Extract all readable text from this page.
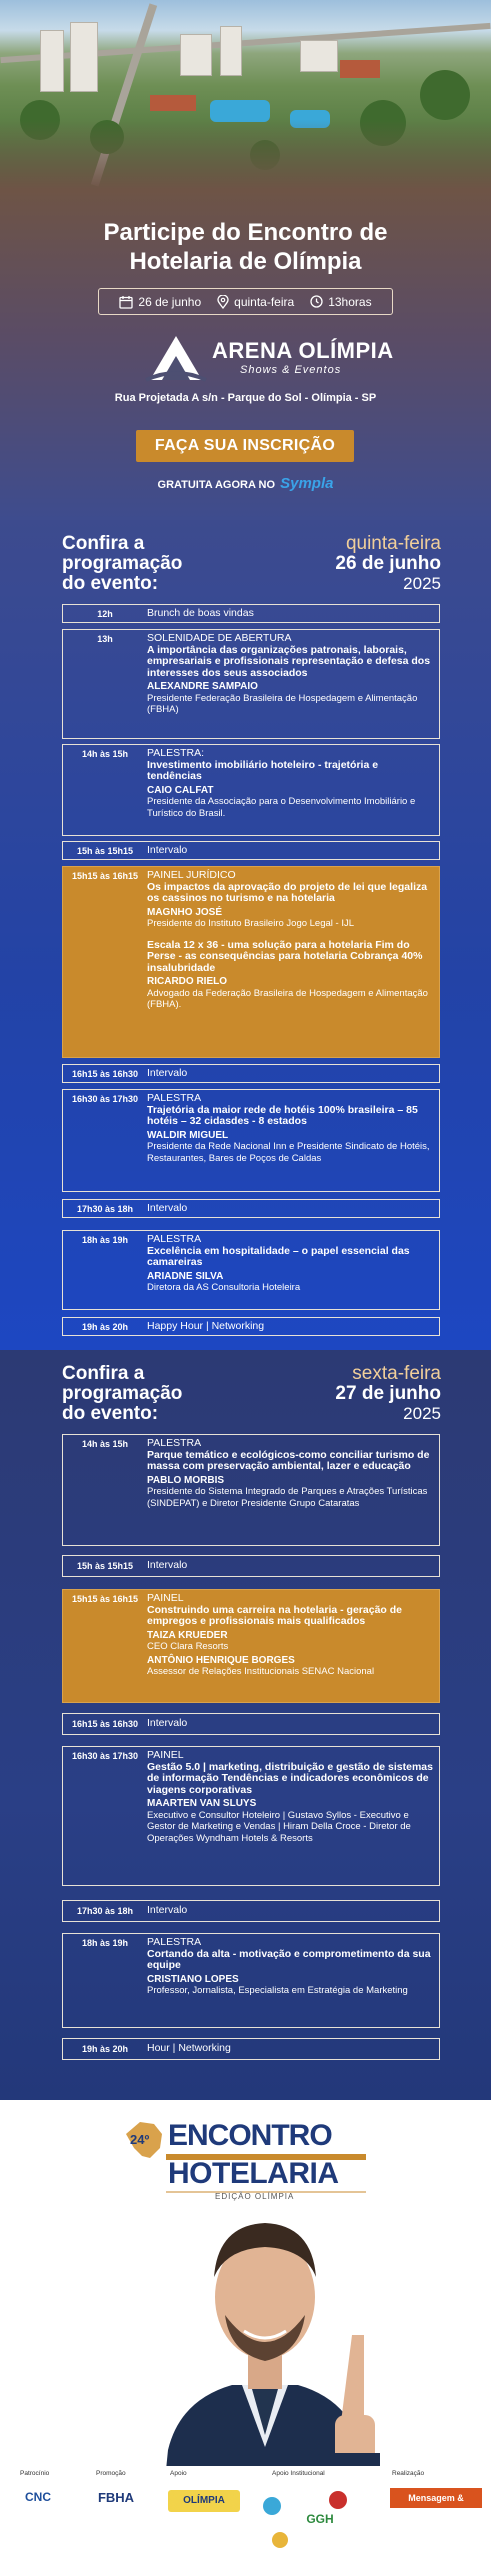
Participe do Encontro de
Hotelaria de Olímpia
26 de junho	quinta-feira	13horas
ARENA OLÍMPIA
Shows & Eventos
Rua Projetada A s/n - Parque do Sol - Olímpia - SP
FAÇA SUA INSCRIÇÃO
GRATUITA AGORA NO Sympla
Confira a
programação
do evento:
quinta-feira
26 de junho
2025
12h	Brunch de boas vindas
13h	SOLENIDADE DE ABERTURA
A importância das organizações patronais, laborais, empresariais e profissionais representação e defesa dos interesses dos seus associados
ALEXANDRE SAMPAIO
Presidente Federação Brasileira de Hospedagem e Alimentação (FBHA)
14h às 15h	PALESTRA:
Investimento imobiliário hoteleiro - trajetória e tendências
CAIO CALFAT
Presidente da Associação para o Desenvolvimento Imobiliário e Turístico do Brasil.
15h às 15h15	Intervalo
15h15 às 16h15 PAINEL JURÍDICO
Os impactos da aprovação do projeto de lei que legaliza os cassinos no turismo e na hotelaria
MAGNHO JOSÉ
Presidente do Instituto Brasileiro Jogo Legal - IJL
Escala 12 x 36 - uma solução para a hotelaria Fim do Perse - as consequências para hotelaria Cobrança 40% insalubridade
RICARDO RIELO
Advogado da Federação Brasileira de Hospedagem e Alimentação (FBHA).
16h15 às 16h30 Intervalo
16h30 às 17h30 PALESTRA
Trajetória da maior rede de hotéis 100% brasileira – 85 hotéis – 32 cidasdes - 8 estados
WALDIR MIGUEL
Presidente da Rede Nacional Inn e Presidente Sindicato de Hotéis, Restaurantes, Bares de Poços de Caldas
17h30 às 18h	Intervalo
18h às 19h	PALESTRA
Excelência em hospitalidade – o papel essencial das camareiras
ARIADNE SILVA
Diretora da AS Consultoria Hoteleira
19h às 20h	Happy Hour | Networking
Confira a
programação
do evento:
sexta-feira
27 de junho
2025
14h às 15h	PALESTRA
Parque temático e ecológicos-como conciliar turismo de massa com preservação ambiental, lazer e educação
PABLO MORBIS
Presidente do Sistema Integrado de Parques e Atrações Turísticas (SINDEPAT) e Diretor Presidente Grupo Cataratas
15h às 15h15	Intervalo
15h15 às 16h15 PAINEL
Construindo uma carreira na hotelaria - geração de empregos e profissionais mais qualificados
TAIZA KRUEDER
CEO Clara Resorts
ANTÔNIO HENRIQUE BORGES
Assessor de Relações Institucionais SENAC Nacional
16h15 às 16h30 Intervalo
16h30 às 17h30 PAINEL
Gestão 5.0 | marketing, distribuição e gestão de sistemas de informação Tendências e indicadores econômicos de viagens corporativas
MAARTEN VAN SLUYS
Executivo e Consultor Hoteleiro | Gustavo Syllos - Executivo e Gestor de Marketing e Vendas | Hiram Della Croce - Diretor de Operações Wyndham Hotels & Resorts
17h30 às 18h	Intervalo
18h às 19h	PALESTRA
Cortando da alta - motivação e comprometimento da sua equipe
CRISTIANO LOPES
Professor, Jornalista, Especialista em Estratégia de Marketing
19h às 20h	Hour | Networking
24º ENCONTRO
HOTELARIA
EDIÇÃO OLÍMPIA
Patrocínio	Promoção	Apoio	Apoio Institucional	Realização
CNC	FBHA	OLÍMPIA
GGH
Mensagem & Imagem
